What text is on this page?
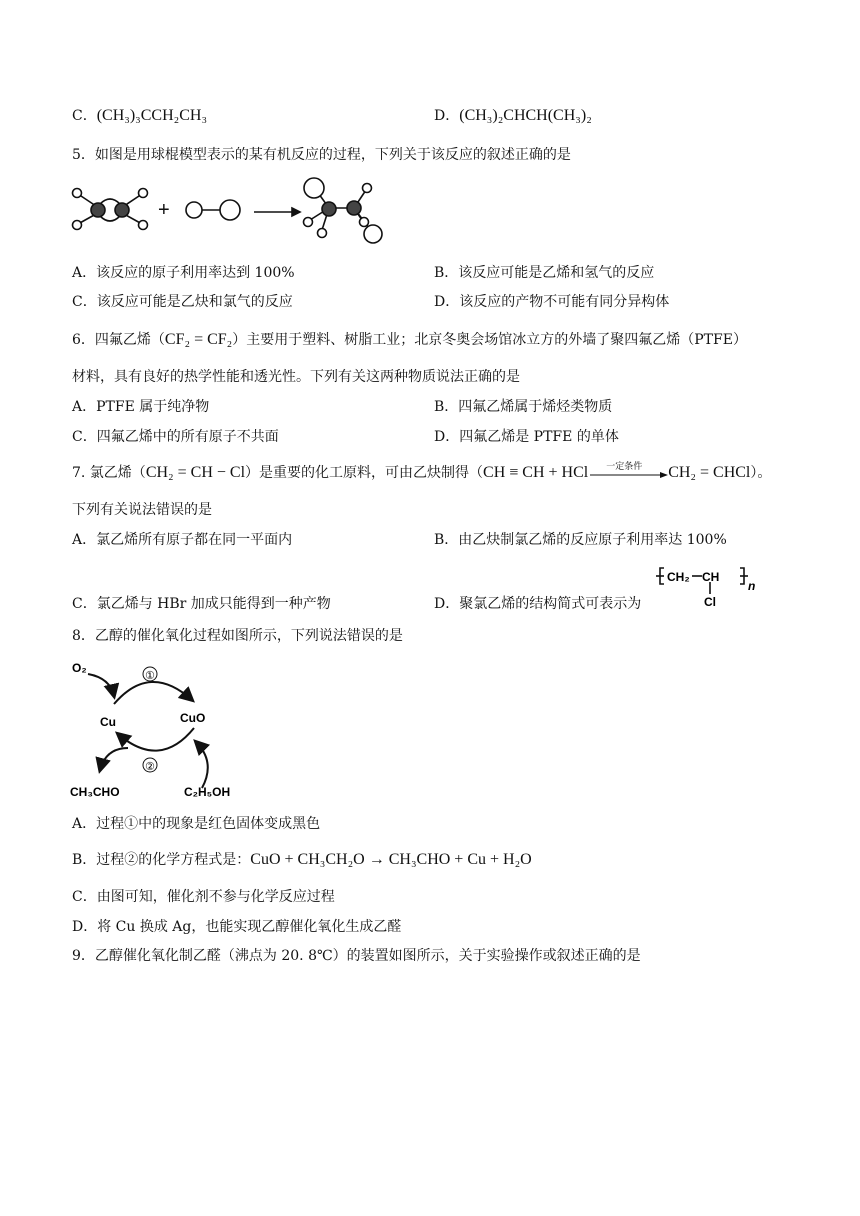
C．(CH₃)₃CCH₂CH₃	D．(CH₃)₂CHCH(CH₃)₂
5．如图是用球棍模型表示的某有机反应的过程，下列关于该反应的叙述正确的是
+
A．该反应的原子利用率达到 100%	B．该反应可能是乙烯和氢气的反应
C．该反应可能是乙炔和氯气的反应	D．该反应的产物不可能有同分异构体
6．四氟乙烯（CF₂ = CF₂）主要用于塑料、树脂工业；北京冬奥会场馆冰立方的外墙了聚四氟乙烯（PTFE）
材料，具有良好的热学性能和透光性。下列有关这两种物质说法正确的是
A．PTFE 属于纯净物	B．四氟乙烯属于烯烃类物质
C．四氟乙烯中的所有原子不共面	D．四氟乙烯是 PTFE 的单体
7. 氯乙烯（CH₂ = CH − Cl）是重要的化工原料，可由乙炔制得（CH ≡ CH + HCl 一定条件 CH₂ = CHCl）。
下列有关说法错误的是
A．氯乙烯所有原子都在同一平面内	B．由乙炔制氯乙烯的反应原子利用率达 100%
C．氯乙烯与 HBr 加成只能得到一种产物	D．聚氯乙烯的结构简式可表示为
CH₂ CH
Cl
n
8．乙醇的催化氧化过程如图所示，下列说法错误的是
O₂
①
②
Cu	CuO
CH₃CHO	C₂H₅OH
A．过程①中的现象是红色固体变成黑色
B．过程②的化学方程式是：CuO + CH₃CH₂O → CH₃CHO + Cu + H₂O
C．由图可知，催化剂不参与化学反应过程
D．将 Cu 换成 Ag，也能实现乙醇催化氧化生成乙醛
9．乙醇催化氧化制乙醛（沸点为 20. 8℃）的装置如图所示，关于实验操作或叙述正确的是
